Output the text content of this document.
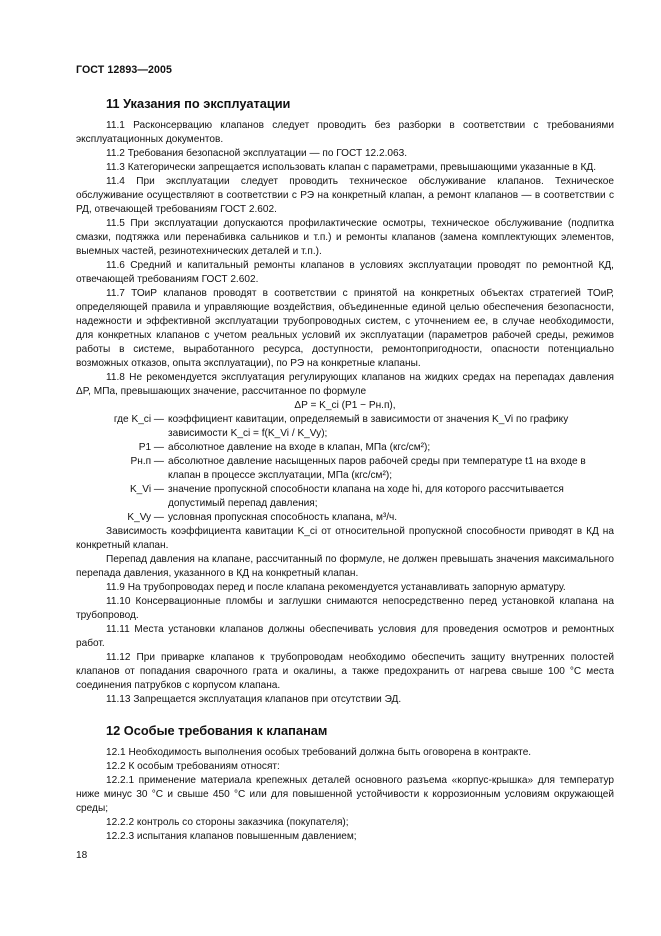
ГОСТ 12893—2005
11 Указания по эксплуатации
11.1 Расконсервацию клапанов следует проводить без разборки в соответствии с требованиями эксплуатационных документов.
11.2 Требования безопасной эксплуатации — по ГОСТ 12.2.063.
11.3 Категорически запрещается использовать клапан с параметрами, превышающими указанные в КД.
11.4 При эксплуатации следует проводить техническое обслуживание клапанов. Техническое обслуживание осуществляют в соответствии с РЭ на конкретный клапан, а ремонт клапанов — в соответствии с РД, отвечающей требованиям ГОСТ 2.602.
11.5 При эксплуатации допускаются профилактические осмотры, техническое обслуживание (подпитка смазки, подтяжка или перенабивка сальников и т.п.) и ремонты клапанов (замена комплектующих элементов, выемных частей, резинотехнических деталей и т.п.).
11.6 Средний и капитальный ремонты клапанов в условиях эксплуатации проводят по ремонтной КД, отвечающей требованиям ГОСТ 2.602.
11.7 ТОиР клапанов проводят в соответствии с принятой на конкретных объектах стратегией ТОиР, определяющей правила и управляющие воздействия, объединенные единой целью обеспечения безопасности, надежности и эффективной эксплуатации трубопроводных систем, с уточнением ее, в случае необходимости, для конкретных клапанов с учетом реальных условий их эксплуатации (параметров рабочей среды, режимов работы в системе, выработанного ресурса, доступности, ремонтопригодности, опасности потенциально возможных отказов, опыта эксплуатации), по РЭ на конкретные клапаны.
11.8 Не рекомендуется эксплуатация регулирующих клапанов на жидких средах на перепадах давления ΔP, МПа, превышающих значение, рассчитанное по формуле
ΔP = K_ci (P1 − Pн.п),
где K_ci — коэффициент кавитации, определяемый в зависимости от значения K_Vi по графику зависимости K_ci = f(K_Vi / K_Vy);
P1 — абсолютное давление на входе в клапан, МПа (кгс/см²);
Pн.п — абсолютное давление насыщенных паров рабочей среды при температуре t1 на входе в клапан в процессе эксплуатации, МПа (кгс/см²);
K_Vi — значение пропускной способности клапана на ходе hi, для которого рассчитывается допустимый перепад давления;
K_Vy — условная пропускная способность клапана, м³/ч.
Зависимость коэффициента кавитации K_ci от относительной пропускной способности приводят в КД на конкретный клапан.
Перепад давления на клапане, рассчитанный по формуле, не должен превышать значения максимального перепада давления, указанного в КД на конкретный клапан.
11.9 На трубопроводах перед и после клапана рекомендуется устанавливать запорную арматуру.
11.10 Консервационные пломбы и заглушки снимаются непосредственно перед установкой клапана на трубопровод.
11.11 Места установки клапанов должны обеспечивать условия для проведения осмотров и ремонтных работ.
11.12 При приварке клапанов к трубопроводам необходимо обеспечить защиту внутренних полостей клапанов от попадания сварочного грата и окалины, а также предохранить от нагрева свыше 100 °С места соединения патрубков с корпусом клапана.
11.13 Запрещается эксплуатация клапанов при отсутствии ЭД.
12 Особые требования к клапанам
12.1 Необходимость выполнения особых требований должна быть оговорена в контракте.
12.2 К особым требованиям относят:
12.2.1 применение материала крепежных деталей основного разъема «корпус-крышка» для температур ниже минус 30 °С и свыше 450 °С или для повышенной устойчивости к коррозионным условиям окружающей среды;
12.2.2 контроль со стороны заказчика (покупателя);
12.2.3 испытания клапанов повышенным давлением;
18
